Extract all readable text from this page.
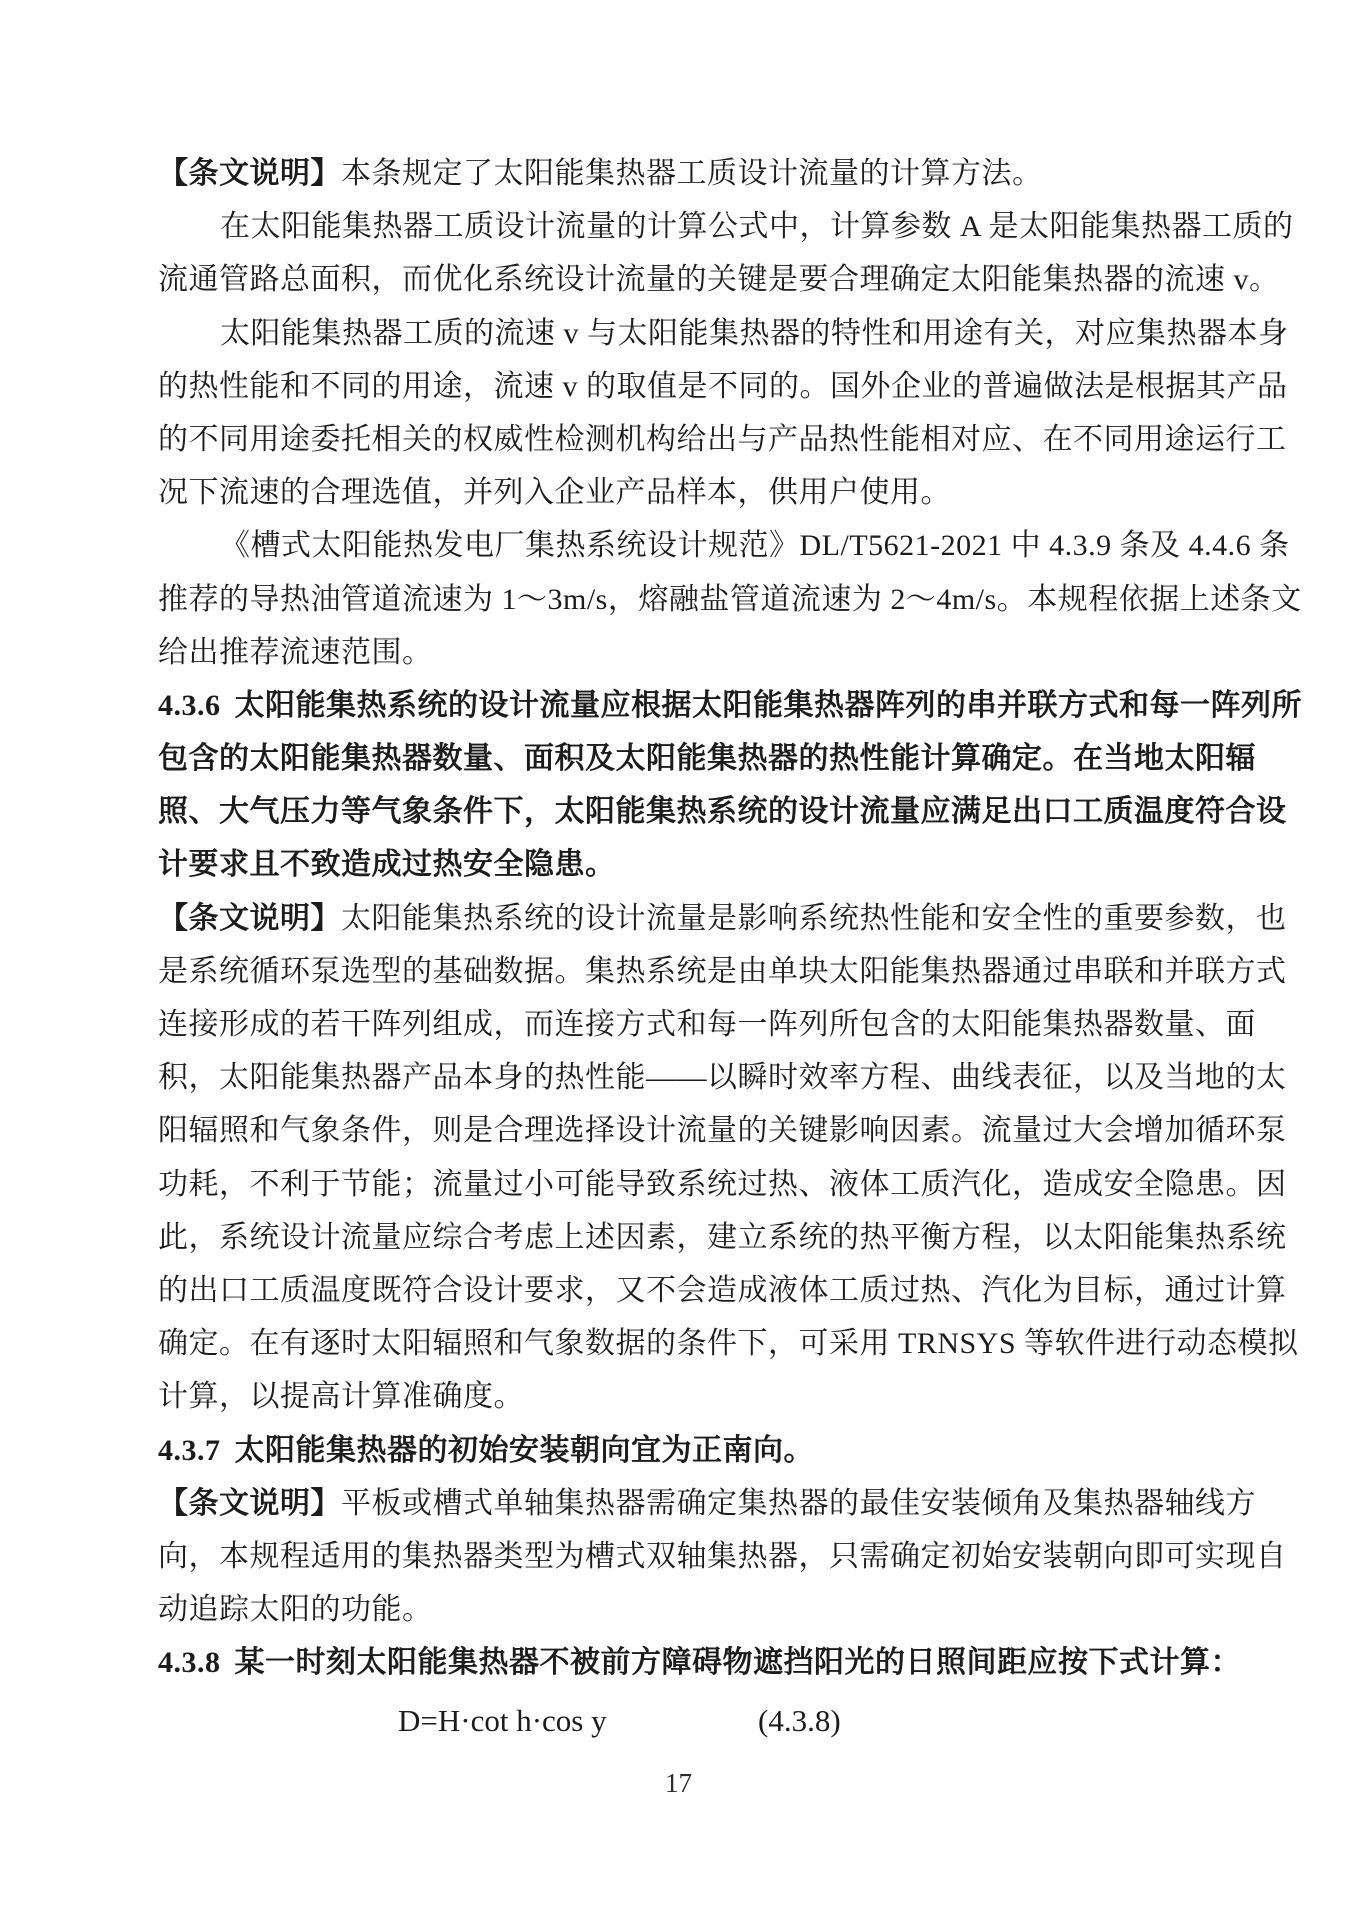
【条文说明】本条规定了太阳能集热器工质设计流量的计算方法。
在太阳能集热器工质设计流量的计算公式中，计算参数 A 是太阳能集热器工质的
流通管路总面积，而优化系统设计流量的关键是要合理确定太阳能集热器的流速 v。
太阳能集热器工质的流速 v 与太阳能集热器的特性和用途有关，对应集热器本身
的热性能和不同的用途，流速 v 的取值是不同的。国外企业的普遍做法是根据其产品
的不同用途委托相关的权威性检测机构给出与产品热性能相对应、在不同用途运行工
况下流速的合理选值，并列入企业产品样本，供用户使用。
《槽式太阳能热发电厂集热系统设计规范》DL/T5621-2021 中 4.3.9 条及 4.4.6 条
推荐的导热油管道流速为 1～3m/s，熔融盐管道流速为 2～4m/s。本规程依据上述条文
给出推荐流速范围。
4.3.6 太阳能集热系统的设计流量应根据太阳能集热器阵列的串并联方式和每一阵列所
包含的太阳能集热器数量、面积及太阳能集热器的热性能计算确定。在当地太阳辐
照、大气压力等气象条件下，太阳能集热系统的设计流量应满足出口工质温度符合设
计要求且不致造成过热安全隐患。
【条文说明】太阳能集热系统的设计流量是影响系统热性能和安全性的重要参数，也
是系统循环泵选型的基础数据。集热系统是由单块太阳能集热器通过串联和并联方式
连接形成的若干阵列组成，而连接方式和每一阵列所包含的太阳能集热器数量、面
积，太阳能集热器产品本身的热性能——以瞬时效率方程、曲线表征，以及当地的太
阳辐照和气象条件，则是合理选择设计流量的关键影响因素。流量过大会增加循环泵
功耗，不利于节能；流量过小可能导致系统过热、液体工质汽化，造成安全隐患。因
此，系统设计流量应综合考虑上述因素，建立系统的热平衡方程，以太阳能集热系统
的出口工质温度既符合设计要求，又不会造成液体工质过热、汽化为目标，通过计算
确定。在有逐时太阳辐照和气象数据的条件下，可采用 TRNSYS 等软件进行动态模拟
计算，以提高计算准确度。
4.3.7 太阳能集热器的初始安装朝向宜为正南向。
【条文说明】平板或槽式单轴集热器需确定集热器的最佳安装倾角及集热器轴线方
向，本规程适用的集热器类型为槽式双轴集热器，只需确定初始安装朝向即可实现自
动追踪太阳的功能。
4.3.8 某一时刻太阳能集热器不被前方障碍物遮挡阳光的日照间距应按下式计算：
D=H·cot h·cos y	(4.3.8)
17
